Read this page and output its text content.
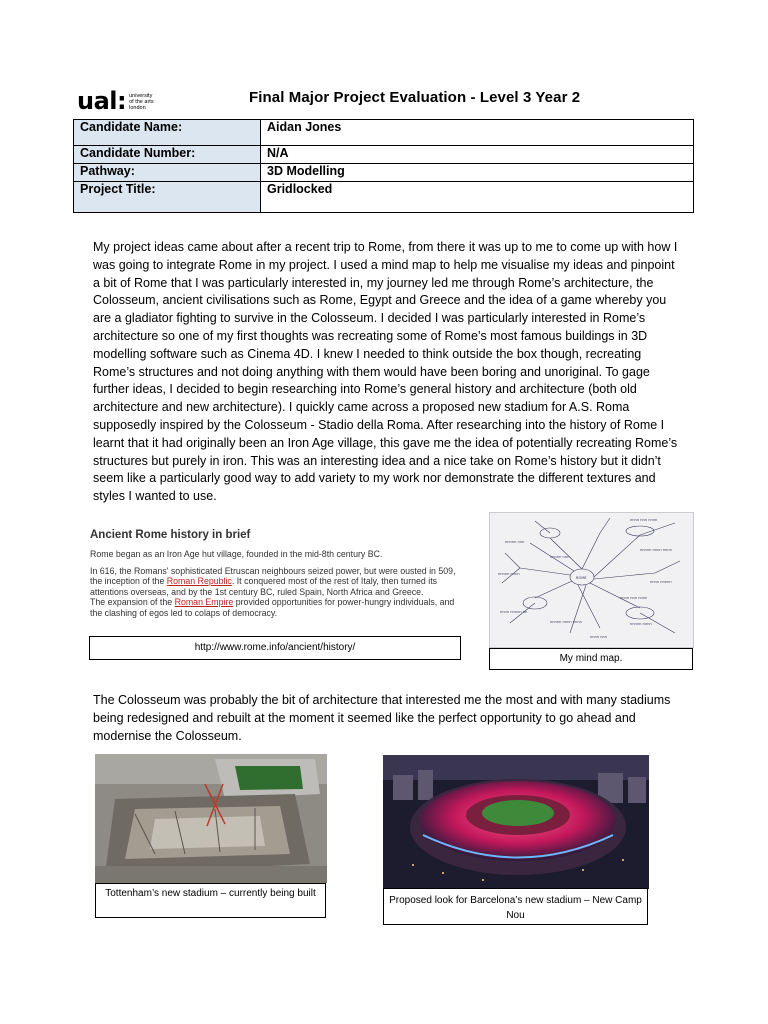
ual: university
of the arts
london
Final Major Project Evaluation - Level 3 Year 2
Candidate Name:	Aidan Jones
Candidate Number:	N/A
Pathway:	3D Modelling
Project Title:	Gridlocked
My project ideas came about after a recent trip to Rome, from there it was up to me to come up with how I was going to integrate Rome in my project. I used a mind map to help me visualise my ideas and pinpoint a bit of Rome that I was particularly interested in, my journey led me through Rome’s architecture, the Colosseum, ancient civilisations such as Rome, Egypt and Greece and the idea of a game whereby you are a gladiator fighting to survive in the Colosseum. I decided I was particularly interested in Rome’s architecture so one of my first thoughts was recreating some of Rome’s most famous buildings in 3D modelling software such as Cinema 4D. I knew I needed to think outside the box though, recreating Rome’s structures and not doing anything with them would have been boring and unoriginal. To gage further ideas, I decided to begin researching into Rome’s general history and architecture (both old architecture and new architecture). I quickly came across a proposed new stadium for A.S. Roma supposedly inspired by the Colosseum - Stadio della Roma. After researching into the history of Rome I learnt that it had originally been an Iron Age village, this gave me the idea of potentially recreating Rome’s structures but purely in iron. This was an interesting idea and a nice take on Rome’s history but it didn’t seem like a particularly good way to add variety to my work nor demonstrate the different textures and styles I wanted to use.
Ancient Rome history in brief

Rome began as an Iron Age hut village, founded in the mid-8th century BC.

In 616, the Romans' sophisticated Etruscan neighbours seized power, but were ousted in 509, the inception of the Roman Republic. It conquered most of the rest of Italy, then turned its attentions overseas, and by the 1st century BC, ruled Spain, North Africa and Greece.
The expansion of the Roman Empire provided opportunities for power-hungry individuals, and the clashing of egos led to colaps of democracy.

http://www.rome.info/ancient/history/
ROME
nnnn nnn nnnn
nnnnn nnnn nnnn
nnnn nnnnn
nnnn nnn nnnn
nnnnn nnnn
nnnnn nnn
nnnnn nnnn
nnnn nnnnn nn
nnnnn nnnn nnnn
nnnn nnn
nnnnn nnn
My mind map.
The Colosseum was probably the bit of architecture that interested me the most and with many stadiums being redesigned and rebuilt at the moment it seemed like the perfect opportunity to go ahead and modernise the Colosseum.
Tottenham’s new stadium – currently being built
Proposed look for Barcelona’s new stadium – New Camp Nou
